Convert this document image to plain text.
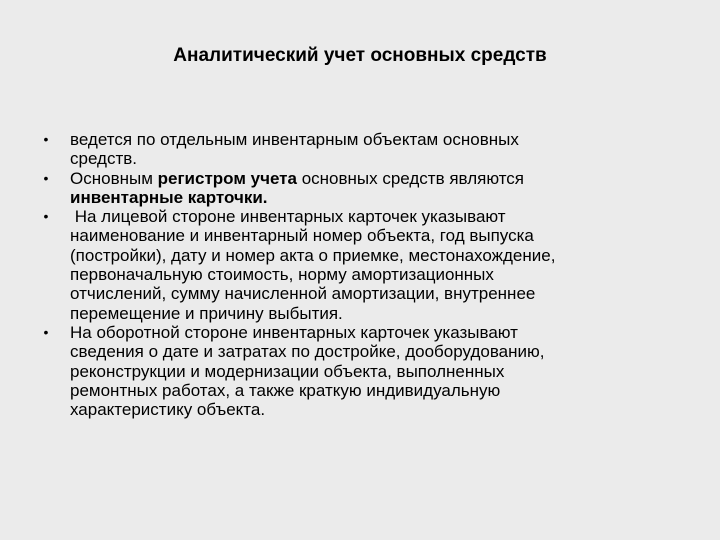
Аналитический учет основных средств
• ведется по отдельным инвентарным объектам основных
средств.
• Основным регистром учета основных средств являются
инвентарные карточки.
• На лицевой стороне инвентарных карточек указывают
наименование и инвентарный номер объекта, год выпуска
(постройки), дату и номер акта о приемке, местонахождение,
первоначальную стоимость, норму амортизационных
отчислений, сумму начисленной амортизации, внутреннее
перемещение и причину выбытия.
• На оборотной стороне инвентарных карточек указывают
сведения о дате и затратах по достройке, дооборудованию,
реконструкции и модернизации объекта, выполненных
ремонтных работах, а также краткую индивидуальную
характеристику объекта.
